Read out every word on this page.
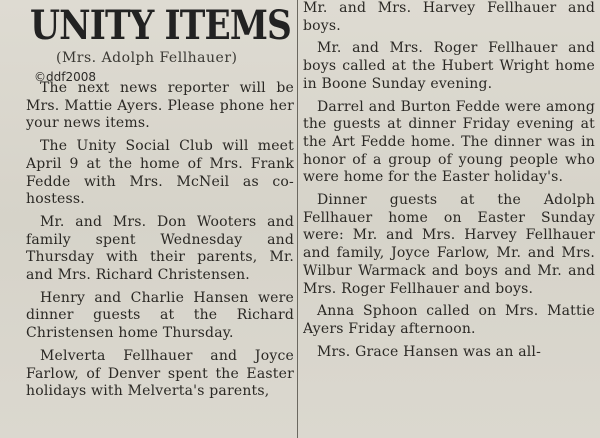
UNITY ITEMS
(Mrs. Adolph Fellhauer)

The next news reporter will be Mrs. Mattie Ayers. Please phone her your news items.

The Unity Social Club will meet April 9 at the home of Mrs. Frank Fedde with Mrs. McNeil as co-hostess.

Mr. and Mrs. Don Wooters and family spent Wednesday and Thursday with their parents, Mr. and Mrs. Richard Christensen.

Henry and Charlie Hansen were dinner guests at the Richard Christensen home Thursday.

Melverta Fellhauer and Joyce Farlow, of Denver spent the Easter holidays with Melverta's parents,

Mr. and Mrs. Harvey Fellhauer and boys.

Mr. and Mrs. Roger Fellhauer and boys called at the Hubert Wright home in Boone Sunday evening.

Darrel and Burton Fedde were among the guests at dinner Friday evening at the Art Fedde home. The dinner was in honor of a group of young people who were home for the Easter holiday's.

Dinner guests at the Adolph Fellhauer home on Easter Sunday were: Mr. and Mrs. Harvey Fellhauer and family, Joyce Farlow, Mr. and Mrs. Wilbur Warmack and boys and Mr. and Mrs. Roger Fellhauer and boys.

Anna Sphoon called on Mrs. Mattie Ayers Friday afternoon.

Mrs. Grace Hansen was an all-

©ddf2008
